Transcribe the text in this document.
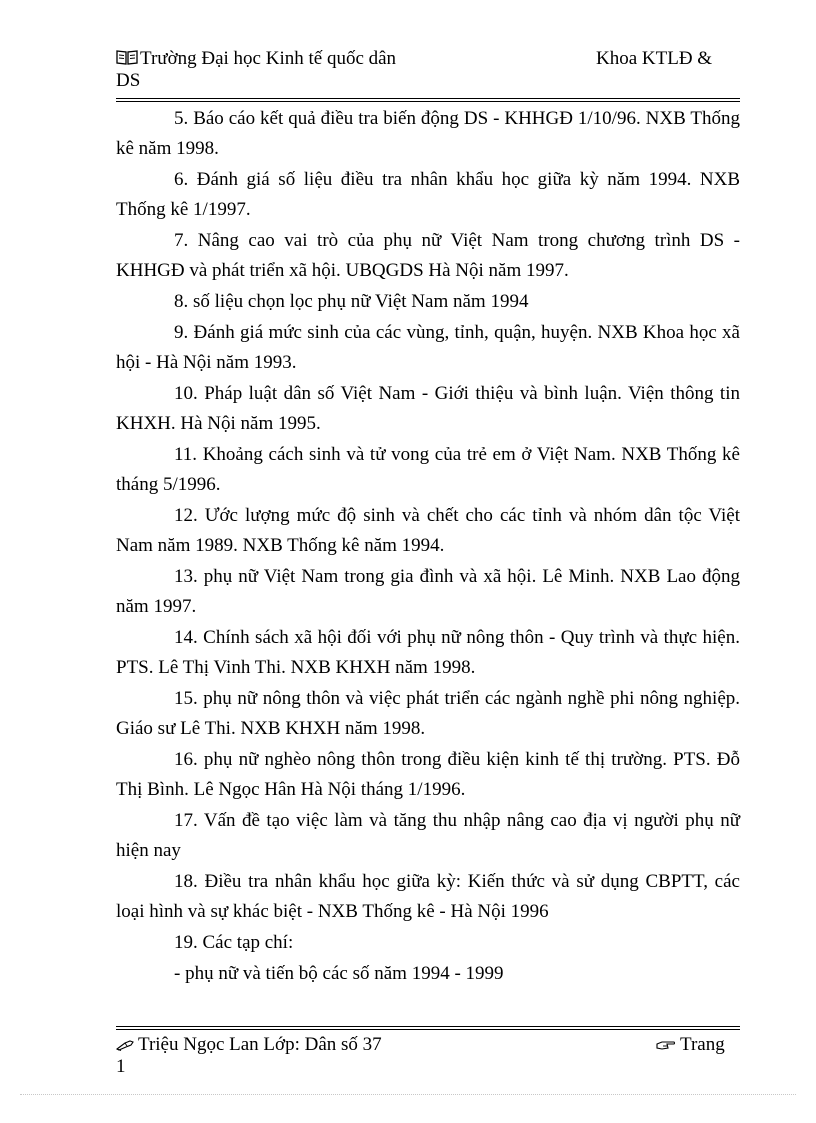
Trường Đại học Kinh tế quốc dân	Khoa KTLĐ &
DS

5. Báo cáo kết quả điều tra biến động DS - KHHGĐ 1/10/96. NXB Thống kê năm 1998.

6. Đánh giá số liệu điều tra nhân khẩu học giữa kỳ năm 1994. NXB Thống kê 1/1997.

7. Nâng cao vai trò của phụ nữ Việt Nam trong chương trình DS - KHHGĐ và phát triển xã hội. UBQGDS Hà Nội năm 1997.

8. số liệu chọn lọc phụ nữ Việt Nam năm 1994

9. Đánh giá mức sinh của các vùng, tỉnh, quận, huyện. NXB Khoa học xã hội - Hà Nội năm 1993.

10. Pháp luật dân số Việt Nam - Giới thiệu và bình luận. Viện thông tin KHXH. Hà Nội năm 1995.

11. Khoảng cách sinh và tử vong của trẻ em ở Việt Nam. NXB Thống kê tháng 5/1996.

12. Ước lượng mức độ sinh và chết cho các tỉnh và nhóm dân tộc Việt Nam năm 1989. NXB Thống kê năm 1994.

13. phụ nữ Việt Nam trong gia đình và xã hội. Lê Minh. NXB Lao động năm 1997.

14. Chính sách xã hội đối với phụ nữ nông thôn - Quy trình và thực hiện. PTS. Lê Thị Vinh Thi. NXB KHXH năm 1998.

15. phụ nữ nông thôn và việc phát triển các ngành nghề phi nông nghiệp. Giáo sư Lê Thi. NXB KHXH năm 1998.

16. phụ nữ nghèo nông thôn trong điều kiện kinh tế thị trường. PTS. Đỗ Thị Bình. Lê Ngọc Hân Hà Nội tháng 1/1996.

17. Vấn đề tạo việc làm và tăng thu nhập nâng cao địa vị người phụ nữ hiện nay

18. Điều tra nhân khẩu học giữa kỳ: Kiến thức và sử dụng CBPTT, các loại hình và sự khác biệt - NXB Thống kê - Hà Nội 1996

19. Các tạp chí:

- phụ nữ và tiến bộ các số năm 1994 - 1999

Triệu Ngọc Lan Lớp: Dân số 37	Trang
1
